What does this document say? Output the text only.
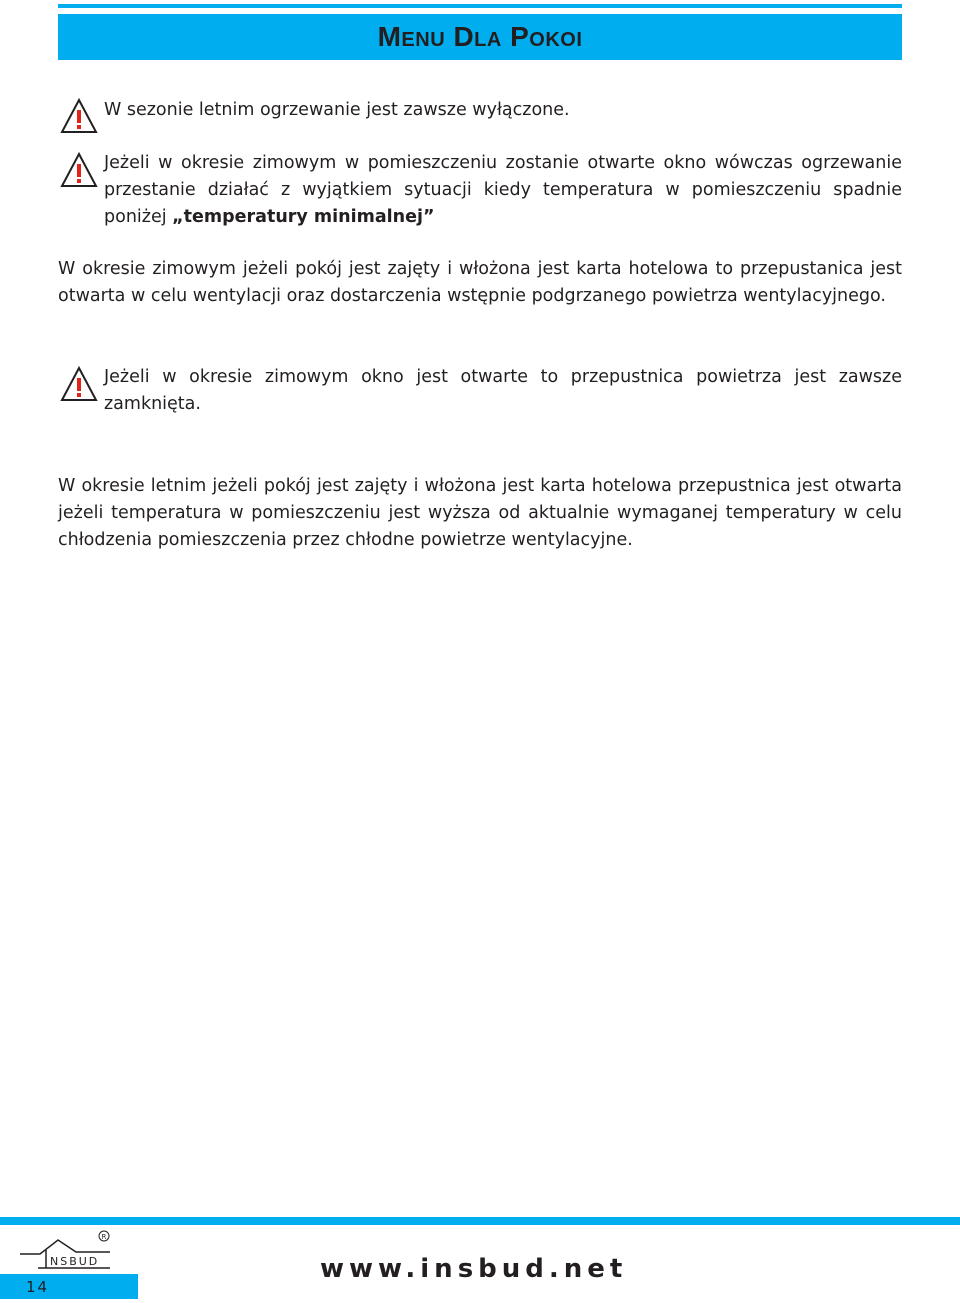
Menu Dla Pokoi
W sezonie letnim ogrzewanie jest zawsze wyłączone.
Jeżeli w okresie zimowym w pomieszczeniu zostanie otwarte okno wówczas ogrzewanie przestanie działać z wyjątkiem sytuacji kiedy temperatura w pomieszczeniu spadnie poniżej „temperatury minimalnej”
W okresie zimowym jeżeli pokój jest zajęty i włożona jest karta hotelowa to przepustanica jest otwarta w celu wentylacji oraz dostarczenia wstępnie podgrzanego powietrza wentylacyjnego.
Jeżeli w okresie zimowym okno jest otwarte to przepustnica powietrza jest zawsze zamknięta.
W okresie letnim jeżeli pokój jest zajęty i włożona jest karta hotelowa przepustnica jest otwarta jeżeli temperatura w pomieszczeniu jest wyższa od aktualnie wymaganej temperatury w celu chłodzenia pomieszczenia przez chłodne powietrze wentylacyjne.
NSBUD
R
www.insbud.net
14
